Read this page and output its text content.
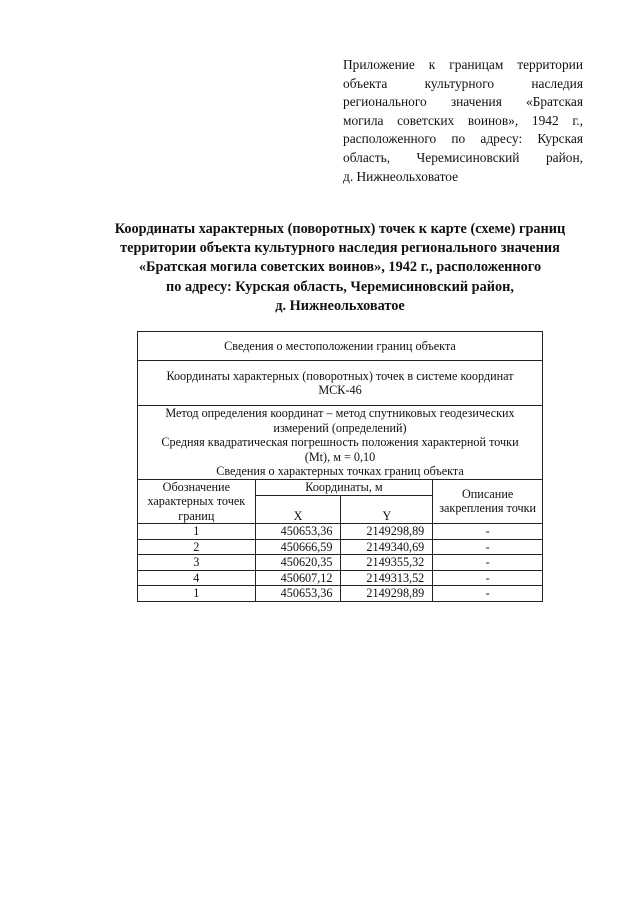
Приложение к границам территории
объекта культурного наследия
регионального значения «Братская
могила советских воинов», 1942 г.,
расположенного по адресу: Курская
область, Черемисиновский район,
д. Нижнеольховатое
Координаты характерных (поворотных) точек к карте (схеме) границ
территории объекта культурного наследия регионального значения
«Братская могила советских воинов», 1942 г., расположенного
по адресу: Курская область, Черемисиновский район,
д. Нижнеольховатое
Сведения о местоположении границ объекта			

Координаты характерных (поворотных) точек в системе координат
МСК-46			

Метод определения координат – метод спутниковых геодезических
измерений (определений)
Средняя квадратическая погрешность положения характерной точки
(Mt), м = 0,10
Сведения о характерных точках границ объекта			

Обозначение характерных точек границ	Координаты, м		Описание закрепления точки
	X	Y	
1	450653,36	2149298,89	-
2	450666,59	2149340,69	-
3	450620,35	2149355,32	-
4	450607,12	2149313,52	-
1	450653,36	2149298,89	-
